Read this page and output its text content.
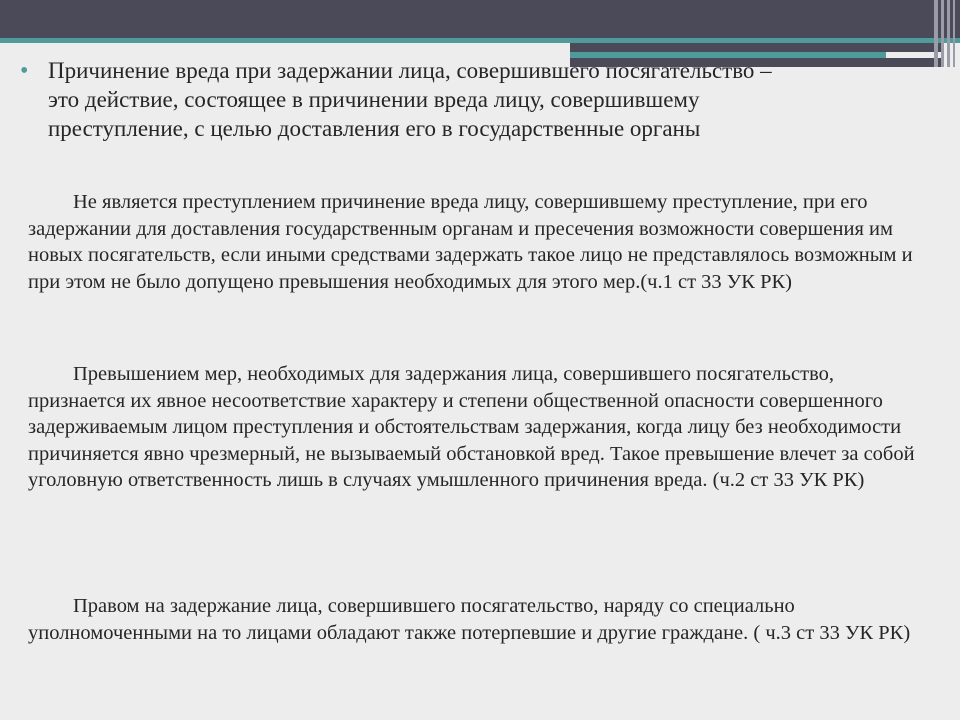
• Причинение вреда при задержании лица, совершившего посягательство – это действие, состоящее в причинении вреда лицу, совершившему преступление, с целью доставления его в государственные органы
Не является преступлением причинение вреда лицу, совершившему преступление, при его задержании для доставления государственным органам и пресечения возможности совершения им новых посягательств, если иными средствами задержать такое лицо не представлялось возможным и при этом не было допущено превышения необходимых для этого мер.(ч.1 ст 33 УК РК)
Превышением мер, необходимых для задержания лица, совершившего посягательство, признается их явное несоответствие характеру и степени общественной опасности совершенного задерживаемым лицом преступления и обстоятельствам задержания, когда лицу без необходимости причиняется явно чрезмерный, не вызываемый обстановкой вред. Такое превышение влечет за собой уголовную ответственность лишь в случаях умышленного причинения вреда. (ч.2 ст 33 УК РК)
Правом на задержание лица, совершившего посягательство, наряду со специально уполномоченными на то лицами обладают также потерпевшие и другие граждане. ( ч.3 ст 33 УК РК)
